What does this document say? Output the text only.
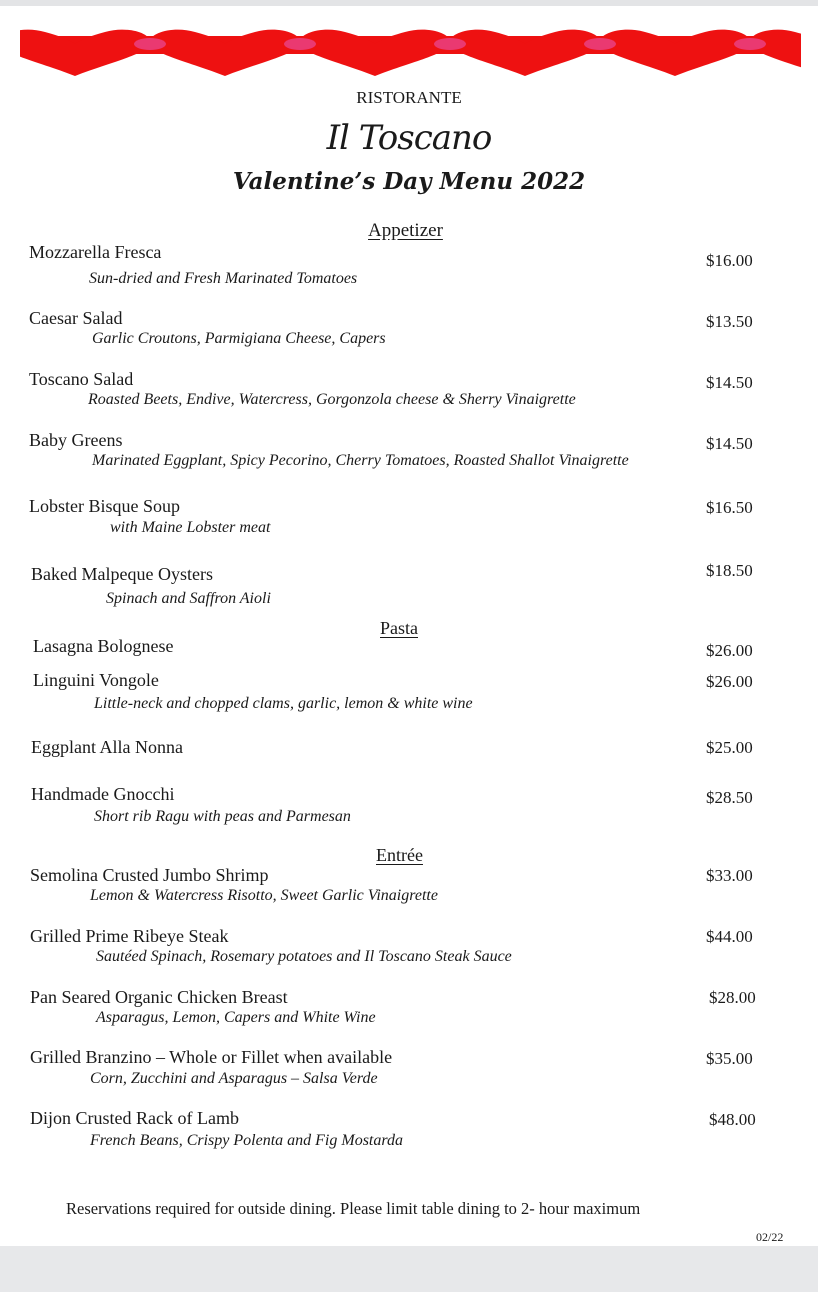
RISTORANTE
Il Toscano
Valentine’s Day Menu 2022
Appetizer
Pasta
Entrée
Mozzarella Fresca
Sun-dried and Fresh Marinated Tomatoes
$16.00
Caesar Salad
Garlic Croutons, Parmigiana Cheese, Capers
$13.50
Toscano Salad
Roasted Beets, Endive, Watercress, Gorgonzola cheese & Sherry Vinaigrette
$14.50
Baby Greens
Marinated Eggplant, Spicy Pecorino, Cherry Tomatoes, Roasted Shallot Vinaigrette
$14.50
Lobster Bisque Soup
with Maine Lobster meat
$16.50
Baked Malpeque Oysters
Spinach and Saffron Aioli
$18.50
Lasagna Bolognese	$26.00
Linguini Vongole
Little-neck and chopped clams, garlic, lemon & white wine
$26.00
Eggplant Alla Nonna	$25.00
Handmade Gnocchi
Short rib Ragu with peas and Parmesan
$28.50
Semolina Crusted Jumbo Shrimp
Lemon & Watercress Risotto, Sweet Garlic Vinaigrette
$33.00
Grilled Prime Ribeye Steak
Sautéed Spinach, Rosemary potatoes and Il Toscano Steak Sauce
$44.00
Pan Seared Organic Chicken Breast
Asparagus, Lemon, Capers and White Wine
$28.00
Grilled Branzino – Whole or Fillet when available
Corn, Zucchini and Asparagus – Salsa Verde
$35.00
Dijon Crusted Rack of Lamb
French Beans, Crispy Polenta and Fig Mostarda
$48.00
Reservations required for outside dining. Please limit table dining to 2- hour maximum
02/22
